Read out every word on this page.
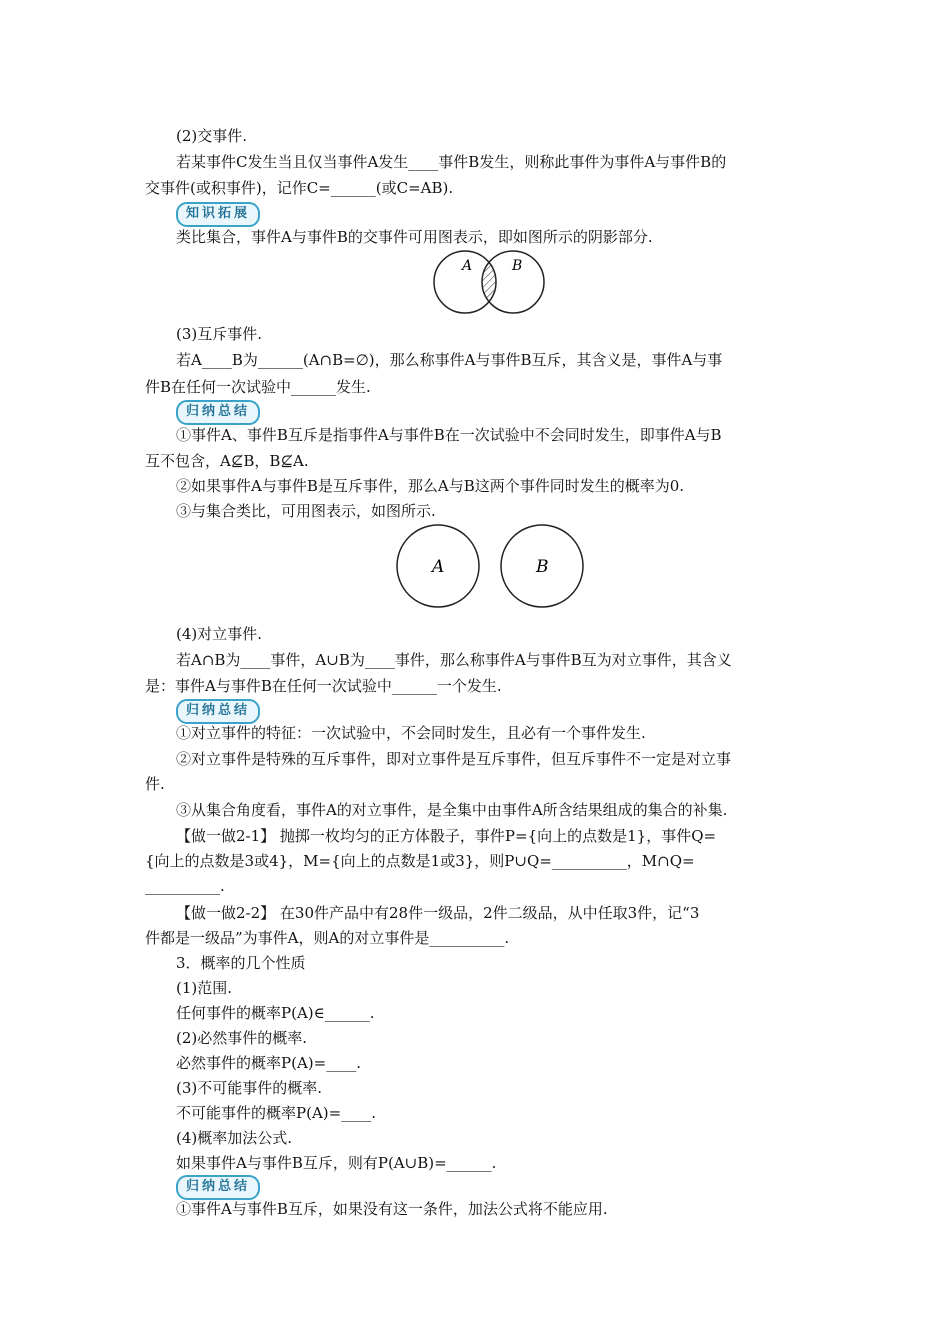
(2)交事件.
若某事件C发生当且仅当事件A发生____事件B发生，则称此事件为事件A与事件B的
交事件(或积事件)，记作C=______(或C=AB).
知识拓展
类比集合，事件A与事件B的交事件可用图表示，即如图所示的阴影部分.
A	B
(3)互斥事件.
若A____B为______(A∩B=∅)，那么称事件A与事件B互斥，其含义是，事件A与事
件B在任何一次试验中______发生.
归纳总结
①事件A、事件B互斥是指事件A与事件B在一次试验中不会同时发生，即事件A与B
互不包含，A⊈B，B⊈A.
②如果事件A与事件B是互斥事件，那么A与B这两个事件同时发生的概率为0.
③与集合类比，可用图表示，如图所示.
A	B
(4)对立事件.
若A∩B为____事件，A∪B为____事件，那么称事件A与事件B互为对立事件，其含义
是：事件A与事件B在任何一次试验中______一个发生.
归纳总结
①对立事件的特征：一次试验中，不会同时发生，且必有一个事件发生.
②对立事件是特殊的互斥事件，即对立事件是互斥事件，但互斥事件不一定是对立事
件.
③从集合角度看，事件A的对立事件，是全集中由事件A所含结果组成的集合的补集.
【做一做2-1】 抛掷一枚均匀的正方体骰子，事件P={向上的点数是1}，事件Q=
{向上的点数是3或4}，M={向上的点数是1或3}，则P∪Q=__________，M∩Q=
__________.
【做一做2-2】 在30件产品中有28件一级品，2件二级品，从中任取3件，记“3
件都是一级品”为事件A，则A的对立事件是__________.
3．概率的几个性质
(1)范围.
任何事件的概率P(A)∈______.
(2)必然事件的概率.
必然事件的概率P(A)=____.
(3)不可能事件的概率.
不可能事件的概率P(A)=____.
(4)概率加法公式.
如果事件A与事件B互斥，则有P(A∪B)=______.
归纳总结
①事件A与事件B互斥，如果没有这一条件，加法公式将不能应用.
